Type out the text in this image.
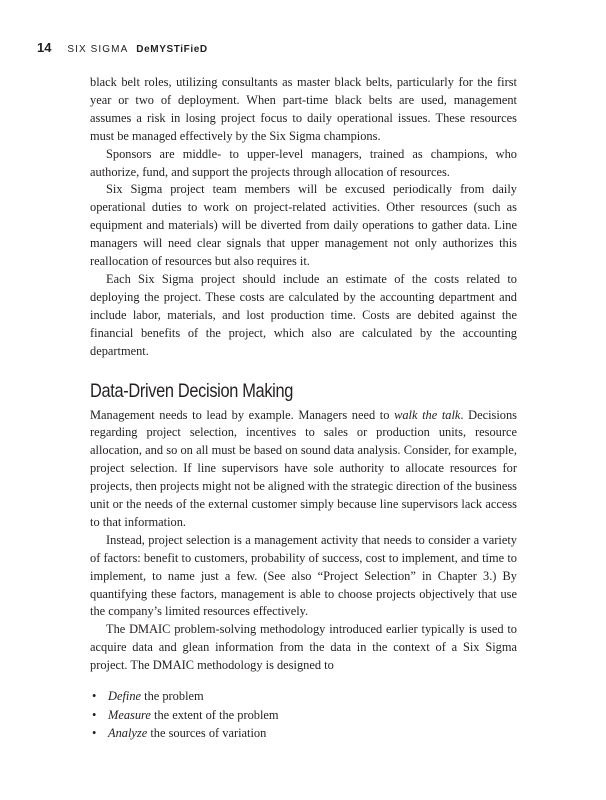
14 SIX SIGMA DeMYSTiFieD

black belt roles, utilizing consultants as master black belts, particularly for the first year or two of deployment. When part-time black belts are used, management assumes a risk in losing project focus to daily operational issues. These resources must be managed effectively by the Six Sigma champions.

Sponsors are middle- to upper-level managers, trained as champions, who authorize, fund, and support the projects through allocation of resources.

Six Sigma project team members will be excused periodically from daily operational duties to work on project-related activities. Other resources (such as equipment and materials) will be diverted from daily operations to gather data. Line managers will need clear signals that upper management not only authorizes this reallocation of resources but also requires it.

Each Six Sigma project should include an estimate of the costs related to deploying the project. These costs are calculated by the accounting department and include labor, materials, and lost production time. Costs are debited against the financial benefits of the project, which also are calculated by the accounting department.

Data-Driven Decision Making

Management needs to lead by example. Managers need to walk the talk. Decisions regarding project selection, incentives to sales or production units, resource allocation, and so on all must be based on sound data analysis. Consider, for example, project selection. If line supervisors have sole authority to allocate resources for projects, then projects might not be aligned with the strategic direction of the business unit or the needs of the external customer simply because line supervisors lack access to that information.

Instead, project selection is a management activity that needs to consider a variety of factors: benefit to customers, probability of success, cost to implement, and time to implement, to name just a few. (See also “Project Selection” in Chapter 3.) By quantifying these factors, management is able to choose projects objectively that use the company’s limited resources effectively.

The DMAIC problem-solving methodology introduced earlier typically is used to acquire data and glean information from the data in the context of a Six Sigma project. The DMAIC methodology is designed to

• Define the problem
• Measure the extent of the problem
• Analyze the sources of variation
